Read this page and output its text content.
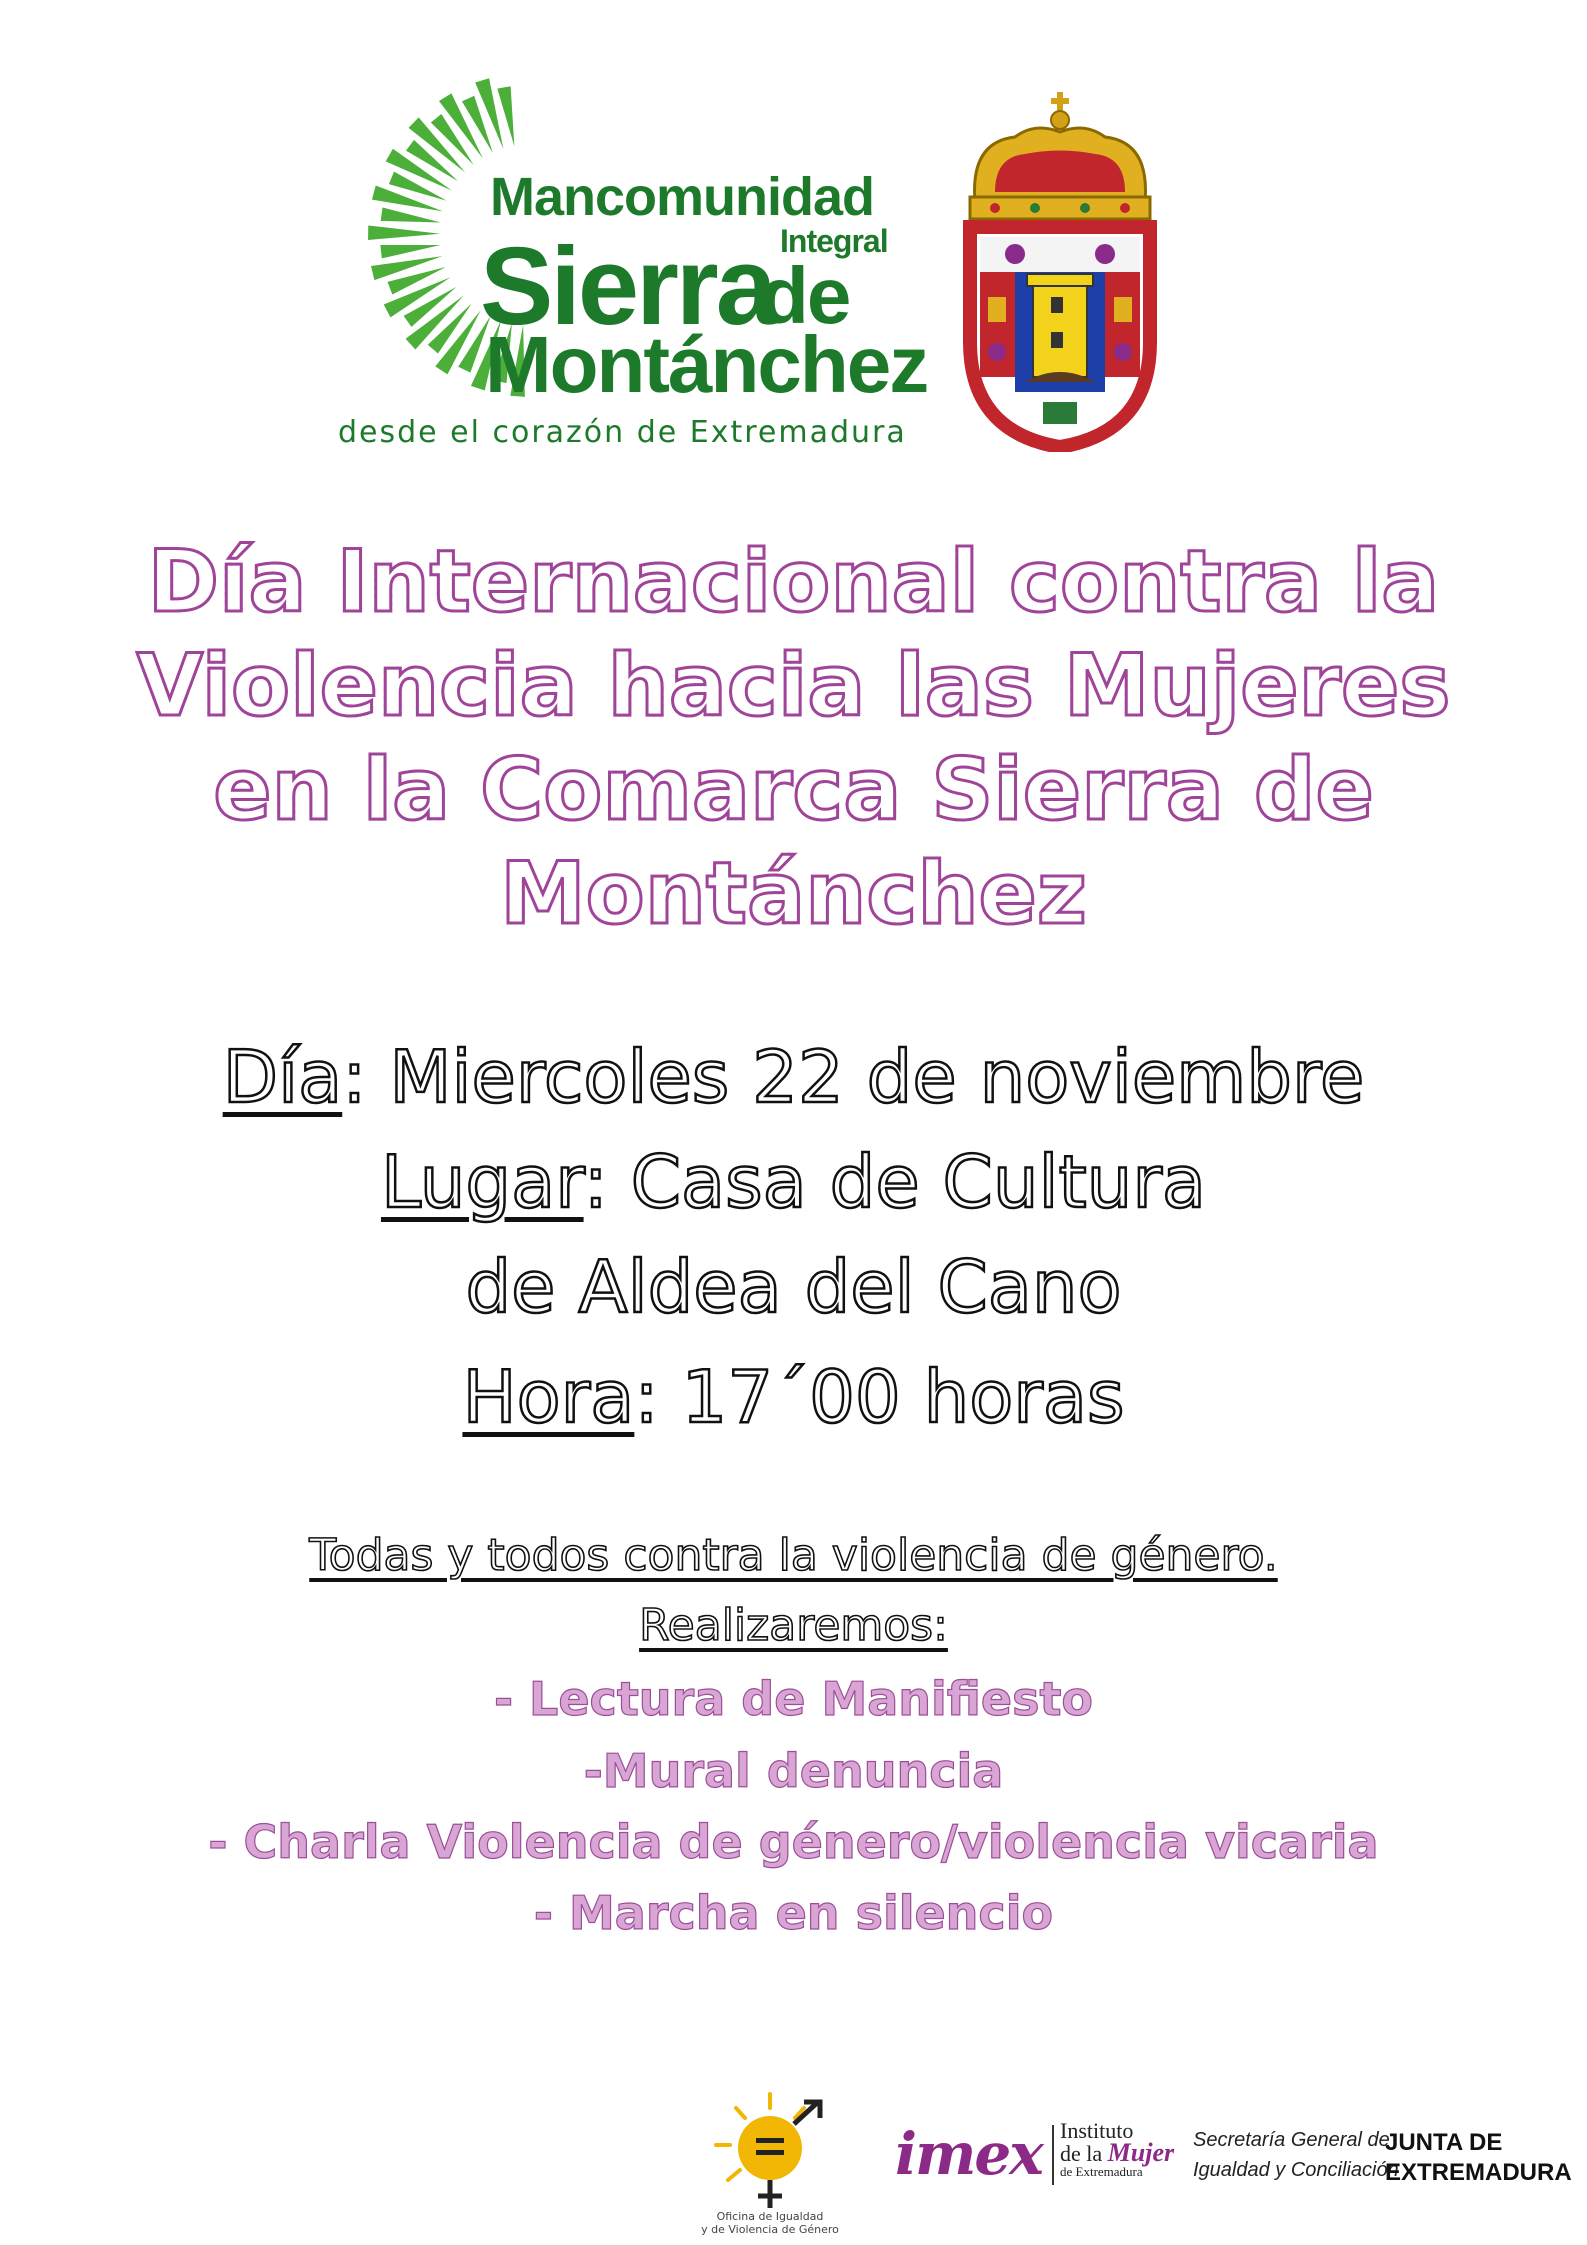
Mancomunidad
Integral
Sierra
de
Montánchez
desde el corazón de Extremadura
Día Internacional contra la
Violencia hacia las Mujeres
en la Comarca Sierra de
Montánchez
Día: Miercoles 22 de noviembre
Lugar: Casa de Cultura
de Aldea del Cano
Hora: 17´00 horas
Todas y todos contra la violencia de género.
Realizaremos:
- Lectura de Manifiesto
-Mural denuncia
- Charla Violencia de género/violencia vicaria
- Marcha en silencio
Oficina de Igualdad
y de Violencia de Género
imex Instituto
de la Mujer
de Extremadura
Secretaría General de
Igualdad y Conciliación
JUNTA DE
EXTREMADURA
